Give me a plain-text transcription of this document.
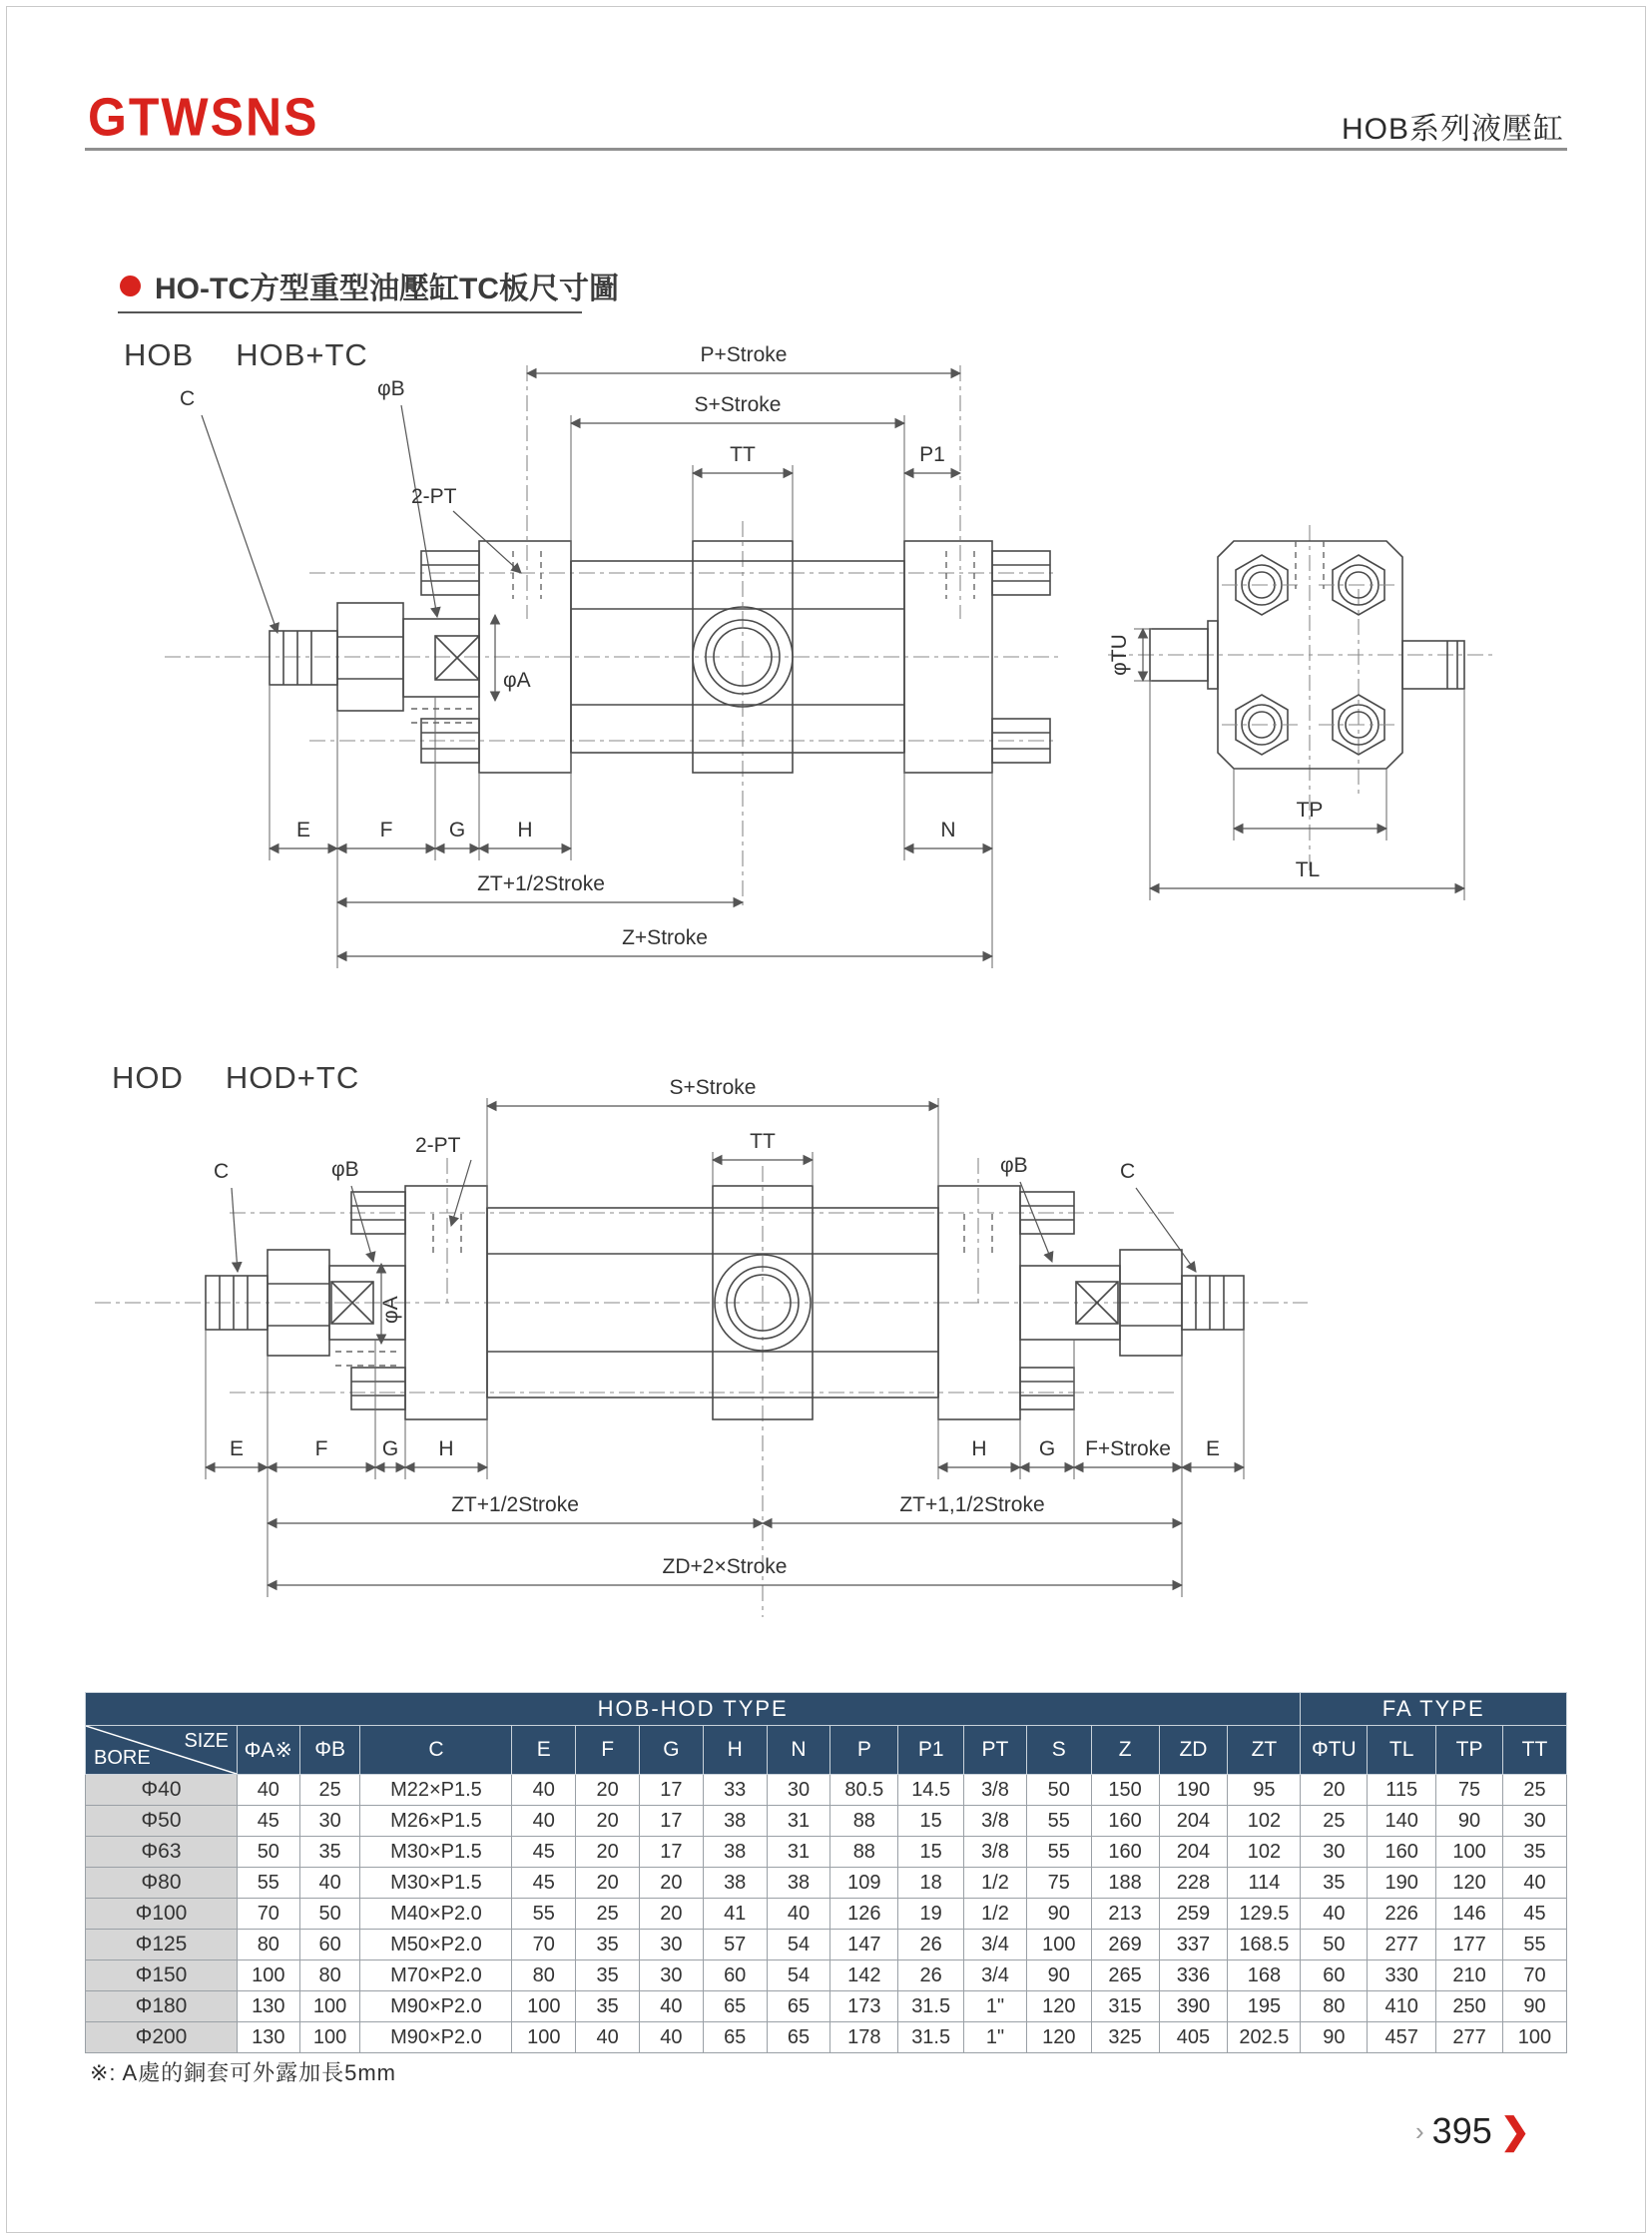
GTWSNS	HOB系列液壓缸
HO-TC方型重型油壓缸TC板尺寸圖
HOB HOB+TC	P+Stroke
S+Stroke
TT	P1
C	φB
2-PT
φA
E	F	G H	N
ZT+1/2Stroke
Z+Stroke
φTU
TP
TL
HOD HOD+TC	S+Stroke
TT
C	φB
2-PT
φA
φB	C
E	F	G H	H G F+Stroke E
ZT+1/2Stroke	ZT+1,1/2Stroke
ZD+2×Stroke
HOB-HOD TYPE																FA TYPE			

SIZE
BORE	ΦA※	ΦB	C	E	F	G	H	N	P	P1	PT	S	Z	ZD	ZT	ΦTU	TL	TP	TT
Φ40	40	25	M22×P1.5	40	20	17	33	30	80.5	14.5	3/8	50	150	190	95	20	115	75	25
Φ50	45	30	M26×P1.5	40	20	17	38	31	88	15	3/8	55	160	204	102	25	140	90	30
Φ63	50	35	M30×P1.5	45	20	17	38	31	88	15	3/8	55	160	204	102	30	160	100	35
Φ80	55	40	M30×P1.5	45	20	20	38	38	109	18	1/2	75	188	228	114	35	190	120	40
Φ100	70	50	M40×P2.0	55	25	20	41	40	126	19	1/2	90	213	259	129.5	40	226	146	45
Φ125	80	60	M50×P2.0	70	35	30	57	54	147	26	3/4	100	269	337	168.5	50	277	177	55
Φ150	100	80	M70×P2.0	80	35	30	60	54	142	26	3/4	90	265	336	168	60	330	210	70
Φ180	130	100	M90×P2.0	100	35	40	65	65	173	31.5	1"	120	315	390	195	80	410	250	90
Φ200	130	100	M90×P2.0	100	40	40	65	65	178	31.5	1"	120	325	405	202.5	90	457	277	100
※: A處的銅套可外露加長5mm
› 395 ❯
